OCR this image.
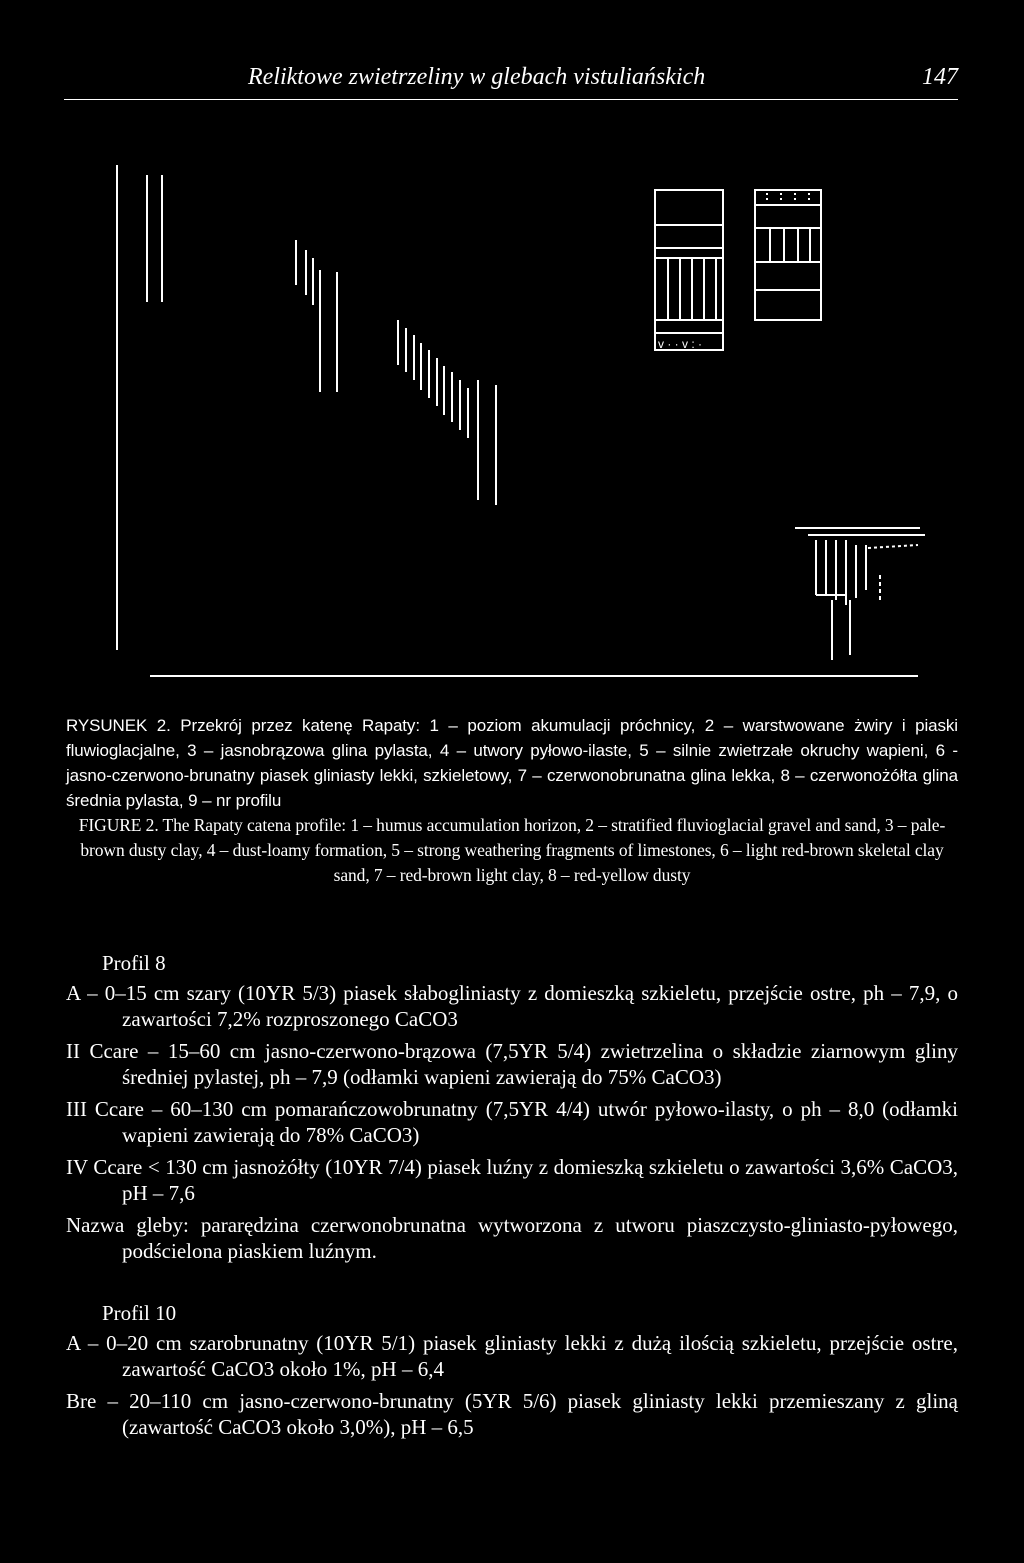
Reliktowe zwietrzeliny w glebach vistuliańskich	147
v · · v : ·

RYSUNEK 2. Przekrój przez katenę Rapaty: 1 – poziom akumulacji próchnicy, 2 – warstwowane żwiry i piaski fluwioglacjalne, 3 – jasnobrązowa glina pylasta, 4 – utwory pyłowo-ilaste, 5 – silnie zwietrzałe okruchy wapieni, 6 - jasno-czerwono-brunatny piasek gliniasty lekki, szkieletowy, 7 – czerwonobrunatna glina lekka, 8 – czerwonożółta glina średnia pylasta, 9 – nr profilu

FIGURE 2. The Rapaty catena profile: 1 – humus accumulation horizon, 2 – stratified fluvioglacial gravel and sand, 3 – pale-brown dusty clay, 4 – dust-loamy formation, 5 – strong weathering fragments of limestones, 6 – light red-brown skeletal clay sand, 7 – red-brown light clay, 8 – red-yellow dusty

Profil 8

A – 0–15 cm szary (10YR 5/3) piasek słabogliniasty z domieszką szkieletu, przejście ostre, ph – 7,9, o zawartości 7,2% rozproszonego CaCO3

II Ccare – 15–60 cm jasno-czerwono-brązowa (7,5YR 5/4) zwietrzelina o składzie ziarnowym gliny średniej pylastej, ph – 7,9 (odłamki wapieni zawierają do 75% CaCO3)

III Ccare – 60–130 cm pomarańczowobrunatny (7,5YR 4/4) utwór pyłowo-ilasty, o ph – 8,0 (odłamki wapieni zawierają do 78% CaCO3)

IV Ccare < 130 cm jasnożółty (10YR 7/4) piasek luźny z domieszką szkieletu o zawartości 3,6% CaCO3, pH – 7,6

Nazwa gleby: pararędzina czerwonobrunatna wytworzona z utworu piaszczysto-gliniasto-pyłowego, podścielona piaskiem luźnym.

Profil 10

A – 0–20 cm szarobrunatny (10YR 5/1) piasek gliniasty lekki z dużą ilością szkieletu, przejście ostre, zawartość CaCO3 około 1%, pH – 6,4

Bre – 20–110 cm jasno-czerwono-brunatny (5YR 5/6) piasek gliniasty lekki przemieszany z gliną (zawartość CaCO3 około 3,0%), pH – 6,5
